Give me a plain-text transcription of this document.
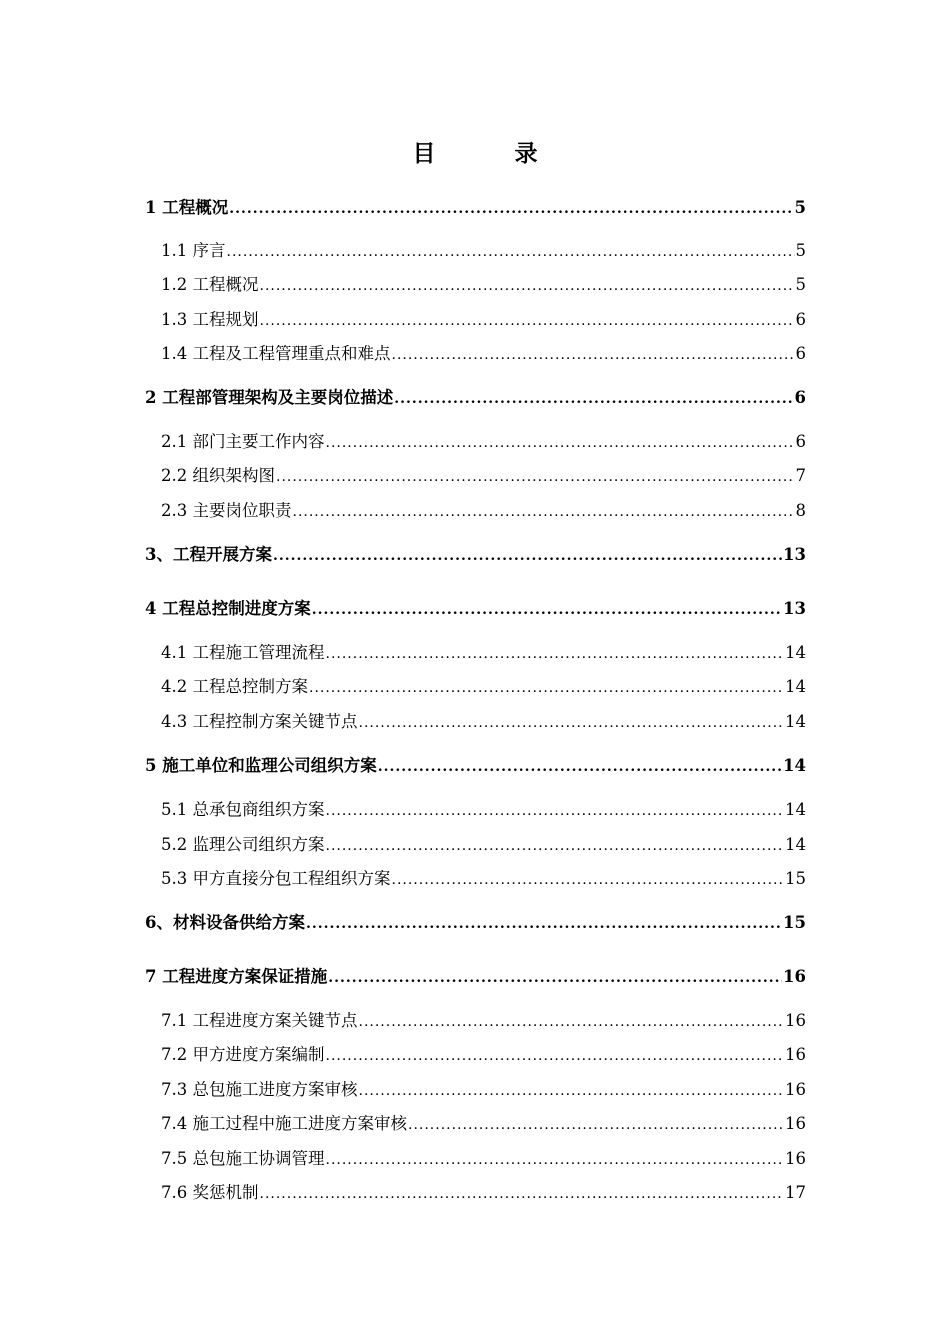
目　录
1 工程概况 .....	5
1.1 序言 .....	5
1.2 工程概况 .....	5
1.3 工程规划 .....	6
1.4 工程及工程管理重点和难点 .....	6
2 工程部管理架构及主要岗位描述 .....	6
2.1 部门主要工作内容 .....	6
2.2 组织架构图 .....	7
2.3 主要岗位职责 .....	8
3、工程开展方案 .....	13
4 工程总控制进度方案 .....	13
4.1 工程施工管理流程 .....	14
4.2 工程总控制方案 .....	14
4.3 工程控制方案关键节点 .....	14
5 施工单位和监理公司组织方案 .....	14
5.1 总承包商组织方案 .....	14
5.2 监理公司组织方案 .....	14
5.3 甲方直接分包工程组织方案 .....	15
6、材料设备供给方案 .....	15
7 工程进度方案保证措施 .....	16
7.1 工程进度方案关键节点 .....	16
7.2 甲方进度方案编制 .....	16
7.3 总包施工进度方案审核 .....	16
7.4 施工过程中施工进度方案审核 .....	16
7.5 总包施工协调管理 .....	16
7.6 奖惩机制 .....	17
